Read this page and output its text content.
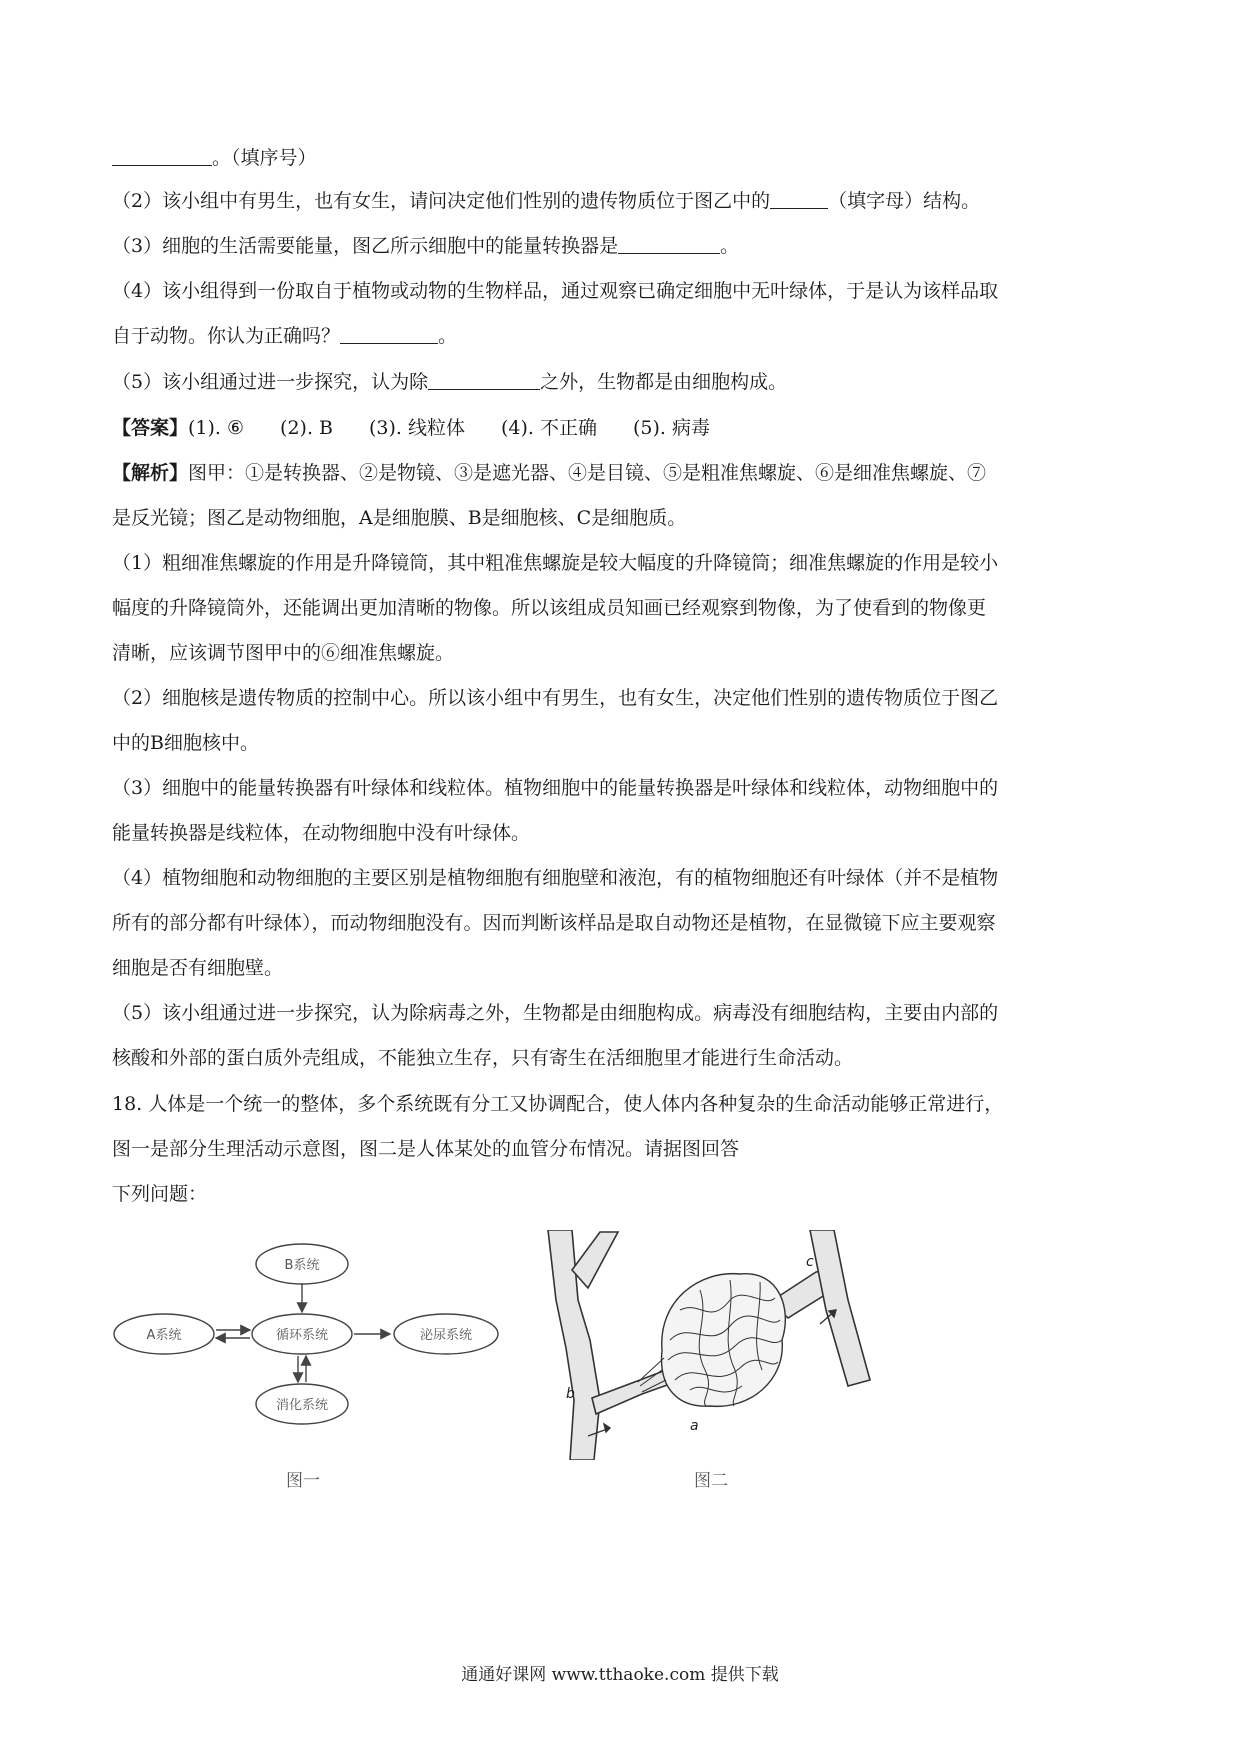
。（填序号）
（2）该小组中有男生，也有女生，请问决定他们性别的遗传物质位于图乙中的	（填字母）结构。
（3）细胞的生活需要能量，图乙所示细胞中的能量转换器是	。
（4）该小组得到一份取自于植物或动物的生物样品，通过观察已确定细胞中无叶绿体，于是认为该样品取
自于动物。你认为正确吗？	。
（5）该小组通过进一步探究，认为除	之外，生物都是由细胞构成。
【答案】(1). ⑥ (2). B (3). 线粒体 (4). 不正确 (5). 病毒
【解析】图甲：①是转换器、②是物镜、③是遮光器、④是目镜、⑤是粗准焦螺旋、⑥是细准焦螺旋、⑦
是反光镜；图乙是动物细胞，A是细胞膜、B是细胞核、C是细胞质。
（1）粗细准焦螺旋的作用是升降镜筒，其中粗准焦螺旋是较大幅度的升降镜筒；细准焦螺旋的作用是较小
幅度的升降镜筒外，还能调出更加清晰的物像。所以该组成员知画已经观察到物像，为了使看到的物像更
清晰，应该调节图甲中的⑥细准焦螺旋。
（2）细胞核是遗传物质的控制中心。所以该小组中有男生，也有女生，决定他们性别的遗传物质位于图乙
中的B细胞核中。
（3）细胞中的能量转换器有叶绿体和线粒体。植物细胞中的能量转换器是叶绿体和线粒体，动物细胞中的
能量转换器是线粒体，在动物细胞中没有叶绿体。
（4）植物细胞和动物细胞的主要区别是植物细胞有细胞壁和液泡，有的植物细胞还有叶绿体（并不是植物
所有的部分都有叶绿体），而动物细胞没有。因而判断该样品是取自动物还是植物，在显微镜下应主要观察
细胞是否有细胞壁。
（5）该小组通过进一步探究，认为除病毒之外，生物都是由细胞构成。病毒没有细胞结构，主要由内部的
核酸和外部的蛋白质外壳组成，不能独立生存，只有寄生在活细胞里才能进行生命活动。
18. 人体是一个统一的整体，多个系统既有分工又协调配合，使人体内各种复杂的生命活动能够正常进行，
图一是部分生理活动示意图，图二是人体某处的血管分布情况。请据图回答
下列问题：
B系统
A系统	循环系统	泌尿系统
消化系统
图一
b
a
c
图二
通通好课网 www.tthaoke.com 提供下载
